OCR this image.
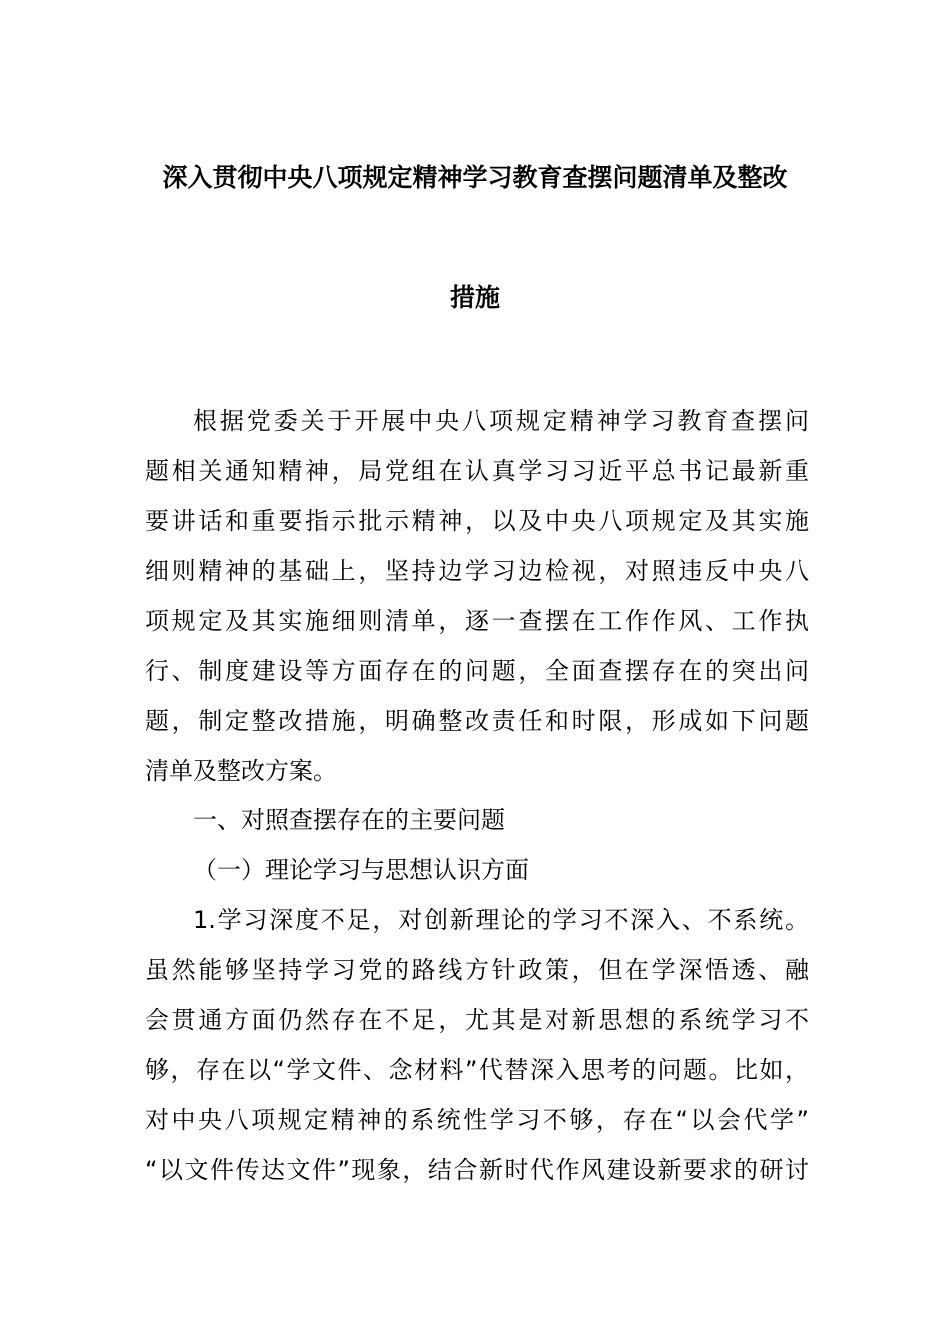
深入贯彻中央八项规定精神学习教育查摆问题清单及整改
措施
根据党委关于开展中央八项规定精神学习教育查摆问
题相关通知精神，局党组在认真学习习近平总书记最新重
要讲话和重要指示批示精神，以及中央八项规定及其实施
细则精神的基础上，坚持边学习边检视，对照违反中央八
项规定及其实施细则清单，逐一查摆在工作作风、工作执
行、制度建设等方面存在的问题，全面查摆存在的突出问
题，制定整改措施，明确整改责任和时限，形成如下问题
清单及整改方案。
一、对照查摆存在的主要问题
（一）理论学习与思想认识方面
1.学习深度不足，对创新理论的学习不深入、不系统。
虽然能够坚持学习党的路线方针政策，但在学深悟透、融
会贯通方面仍然存在不足，尤其是对新思想的系统学习不
够，存在以“学文件、念材料”代替深入思考的问题。比如，
对中央八项规定精神的系统性学习不够，存在“以会代学”
“以文件传达文件”现象，结合新时代作风建设新要求的研讨
